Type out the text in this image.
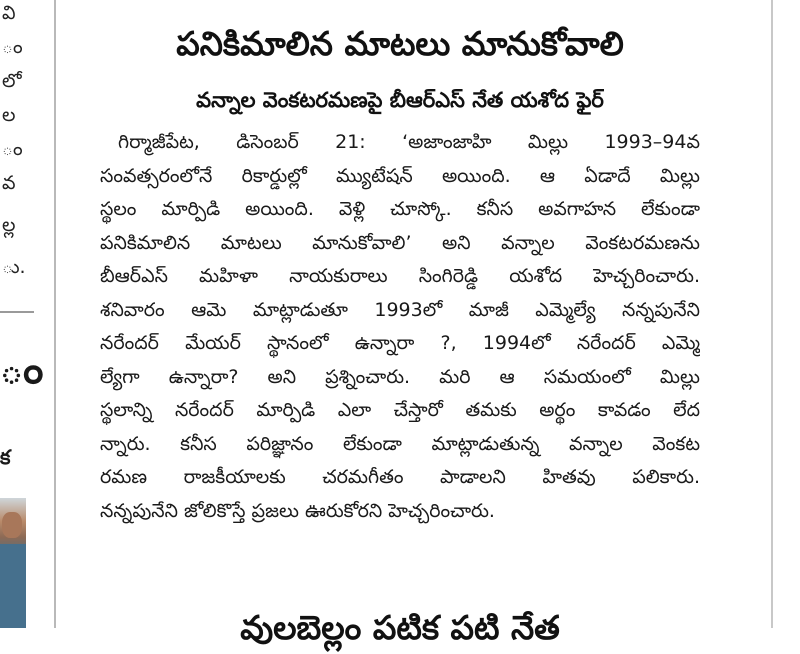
వి
ం
లో
ల
ం
వ
ల్ల
ు.
ం
క
పనికిమాలిన మాటలు మానుకోవాలి
వన్నాల వెంకటరమణపై బీఆర్ఎస్ నేత యశోద ఫైర్
గిర్మాజీపేట, డిసెంబర్ 21: ‘అజాంజాహి మిల్లు 1993–94వ
సంవత్సరంలోనే రికార్డుల్లో మ్యుటేషన్ అయింది. ఆ ఏడాదే మిల్లు
స్థలం మార్పిడి అయింది. వెళ్లి చూస్కో. కనీస అవగాహన లేకుండా
పనికిమాలిన మాటలు మానుకోవాలి’ అని వన్నాల వెంకటరమణను
బీఆర్ఎస్ మహిళా నాయకురాలు సింగిరెడ్డి యశోద హెచ్చరించారు.
శనివారం ఆమె మాట్లాడుతూ 1993లో మాజీ ఎమ్మెల్యే నన్నపునేని
నరేందర్ మేయర్ స్థానంలో ఉన్నారా ?, 1994లో నరేందర్ ఎమ్మె
ల్యేగా ఉన్నారా? అని ప్రశ్నించారు. మరి ఆ సమయంలో మిల్లు
స్థలాన్ని నరేందర్ మార్పిడి ఎలా చేస్తారో తమకు అర్థం కావడం లేద
న్నారు. కనీస పరిజ్ఞానం లేకుండా మాట్లాడుతున్న వన్నాల వెంకట
రమణ రాజకీయాలకు చరమగీతం పాడాలని హితవు పలికారు.
నన్నపునేని జోలికొస్తే ప్రజలు ఊరుకోరని హెచ్చరించారు.
వులబెల్లం పటిక పటి నేత
